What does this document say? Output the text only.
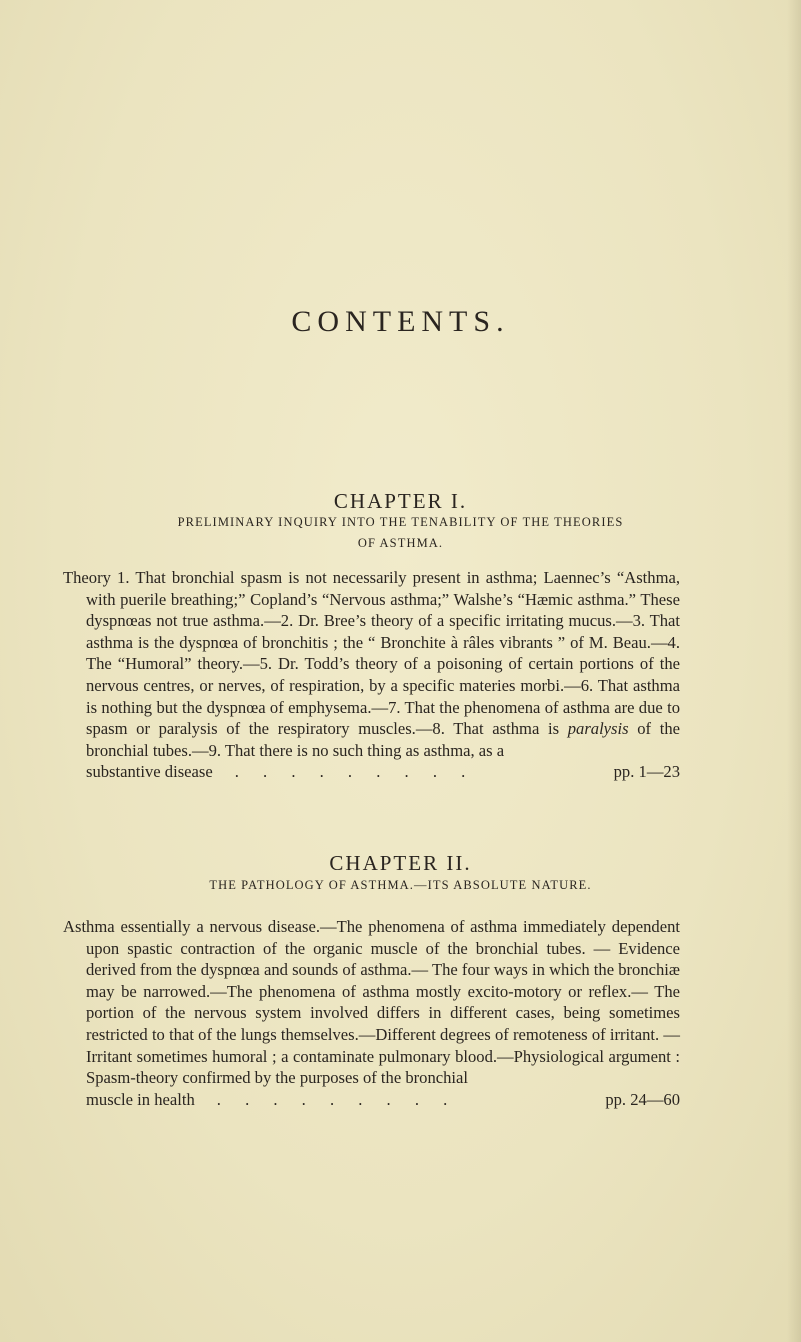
CONTENTS.
CHAPTER I.
PRELIMINARY INQUIRY INTO THE TENABILITY OF THE THEORIES
OF ASTHMA.
Theory 1. That bronchial spasm is not necessarily present in asthma; Laennec’s “Asthma, with puerile breathing;” Copland’s “Nervous asthma;” Walshe’s “Hæmic asthma.” These dyspnœas not true asthma.—2. Dr. Bree’s theory of a specific irritating mucus.—3. That asthma is the dyspnœa of bronchitis ; the “ Bronchite à râles vibrants ” of M. Beau.—4. The “Humoral” theory.—5. Dr. Todd’s theory of a poisoning of certain portions of the nervous centres, or nerves, of respiration, by a specific materies morbi.—6. That asthma is nothing but the dyspnœa of emphysema.—7. That the phenomena of asthma are due to spasm or paralysis of the respiratory muscles.—8. That asthma is paralysis of the bronchial tubes.—9. That there is no such thing as asthma, as a
substantive disease	. . . . . . . . .	pp. 1—23
CHAPTER II.
THE PATHOLOGY OF ASTHMA.—ITS ABSOLUTE NATURE.
Asthma essentially a nervous disease.—The phenomena of asthma immediately dependent upon spastic contraction of the organic muscle of the bronchial tubes. — Evidence derived from the dyspnœa and sounds of asthma.— The four ways in which the bronchiæ may be narrowed.—The phenomena of asthma mostly excito-motory or reflex.— The portion of the nervous system involved differs in different cases, being sometimes restricted to that of the lungs themselves.—Different degrees of remoteness of irritant. —Irritant sometimes humoral ; a contaminate pulmonary blood.—Physiological argument : Spasm-theory confirmed by the purposes of the bronchial
muscle in health	. . . . . . . . .	pp. 24—60
